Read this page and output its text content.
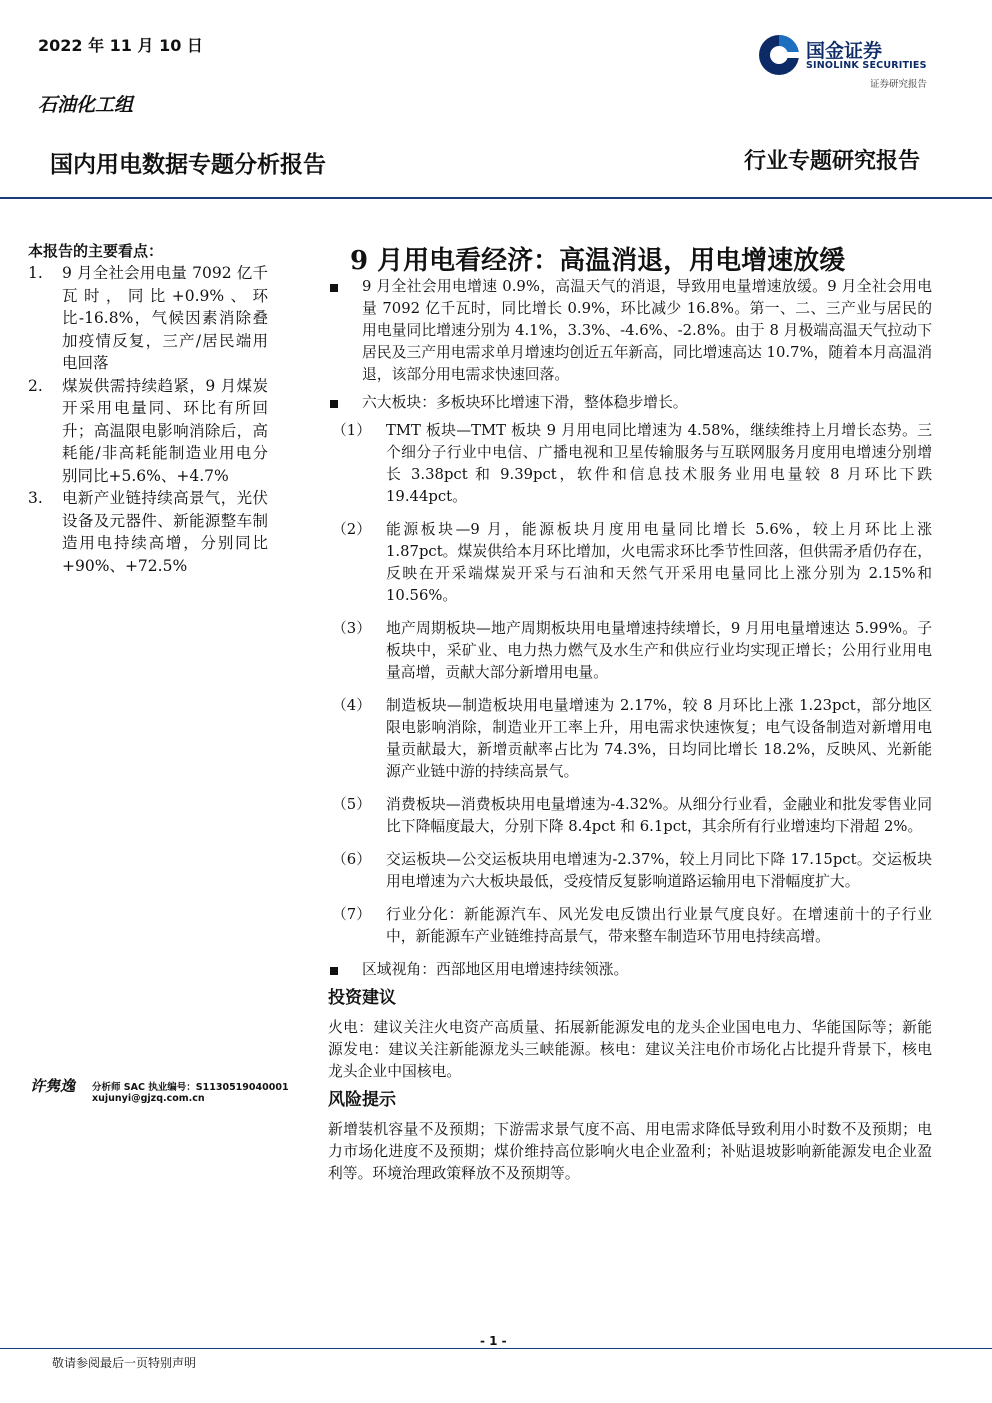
2022 年 11 月 10 日	国金证券
SINOLINK SECURITIES
证券研究报告
石油化工组
国内用电数据专题分析报告	行业专题研究报告
本报告的主要看点：
1. 9 月全社会用电量 7092 亿千瓦时，同比+0.9%、环比-16.8%，气候因素消除叠加疫情反复，三产/居民端用电回落
2. 煤炭供需持续趋紧，9 月煤炭开采用电量同、环比有所回升；高温限电影响消除后，高耗能/非高耗能制造业用电分别同比+5.6%、+4.7%
3. 电新产业链持续高景气，光伏设备及元器件、新能源整车制造用电持续高增，分别同比+90%、+72.5%
9 月用电看经济：高温消退，用电增速放缓
9 月全社会用电增速 0.9%，高温天气的消退，导致用电量增速放缓。9 月全社会用电量 7092 亿千瓦时，同比增长 0.9%，环比减少 16.8%。第一、二、三产业与居民的用电量同比增速分别为 4.1%，3.3%、-4.6%、-2.8%。由于 8 月极端高温天气拉动下居民及三产用电需求单月增速均创近五年新高，同比增速高达 10.7%，随着本月高温消退，该部分用电需求快速回落。
六大板块：多板块环比增速下滑，整体稳步增长。
（1） TMT 板块—TMT 板块 9 月用电同比增速为 4.58%，继续维持上月增长态势。三个细分子行业中电信、广播电视和卫星传输服务与互联网服务月度用电增速分别增长 3.38pct 和 9.39pct，软件和信息技术服务业用电量较 8 月环比下跌 19.44pct。
（2） 能源板块—9 月，能源板块月度用电量同比增长 5.6%，较上月环比上涨 1.87pct。煤炭供给本月环比增加，火电需求环比季节性回落，但供需矛盾仍存在，反映在开采端煤炭开采与石油和天然气开采用电量同比上涨分别为 2.15%和 10.56%。
（3） 地产周期板块—地产周期板块用电量增速持续增长，9 月用电量增速达 5.99%。子板块中，采矿业、电力热力燃气及水生产和供应行业均实现正增长；公用行业用电量高增，贡献大部分新增用电量。
（4） 制造板块—制造板块用电量增速为 2.17%，较 8 月环比上涨 1.23pct，部分地区限电影响消除，制造业开工率上升，用电需求快速恢复；电气设备制造对新增用电量贡献最大，新增贡献率占比为 74.3%，日均同比增长 18.2%，反映风、光新能源产业链中游的持续高景气。
（5） 消费板块—消费板块用电量增速为-4.32%。从细分行业看，金融业和批发零售业同比下降幅度最大，分别下降 8.4pct 和 6.1pct，其余所有行业增速均下滑超 2%。
（6） 交运板块—公交运板块用电增速为-2.37%，较上月同比下降 17.15pct。交运板块用电增速为六大板块最低，受疫情反复影响道路运输用电下滑幅度扩大。
（7） 行业分化：新能源汽车、风光发电反馈出行业景气度良好。在增速前十的子行业中，新能源车产业链维持高景气，带来整车制造环节用电持续高增。
区域视角：西部地区用电增速持续领涨。
投资建议
火电：建议关注火电资产高质量、拓展新能源发电的龙头企业国电电力、华能国际等；新能源发电：建议关注新能源龙头三峡能源。核电：建议关注电价市场化占比提升背景下，核电龙头企业中国核电。
风险提示
新增装机容量不及预期；下游需求景气度不高、用电需求降低导致利用小时数不及预期；电力市场化进度不及预期；煤价维持高位影响火电企业盈利；补贴退坡影响新能源发电企业盈利等。环境治理政策释放不及预期等。
许隽逸 分析师 SAC 执业编号：S1130519040001
xujunyi@gjzq.com.cn
- 1 -
敬请参阅最后一页特别声明
